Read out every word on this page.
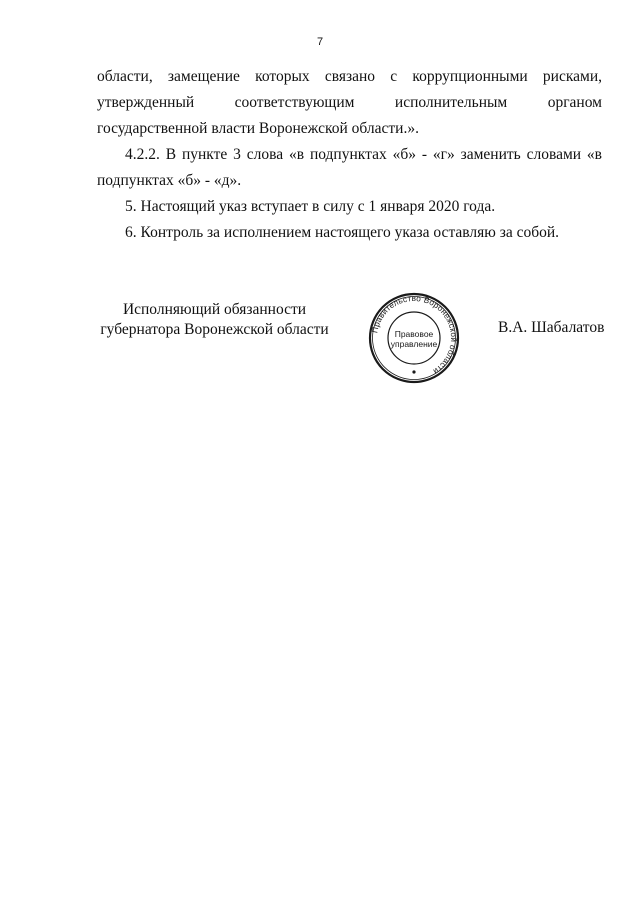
7

области, замещение которых связано с коррупционными рисками, утвержденный соответствующим исполнительным органом государственной власти Воронежской области.».

4.2.2. В пункте 3 слова «в подпунктах «б» - «г» заменить словами «в подпунктах «б» - «д».

5. Настоящий указ вступает в силу с 1 января 2020 года.

6. Контроль за исполнением настоящего указа оставляю за собой.

Исполняющий обязанности
губернатора Воронежской области	Правительство Воронежской области
Правовое
управление
В.А. Шабалатов
